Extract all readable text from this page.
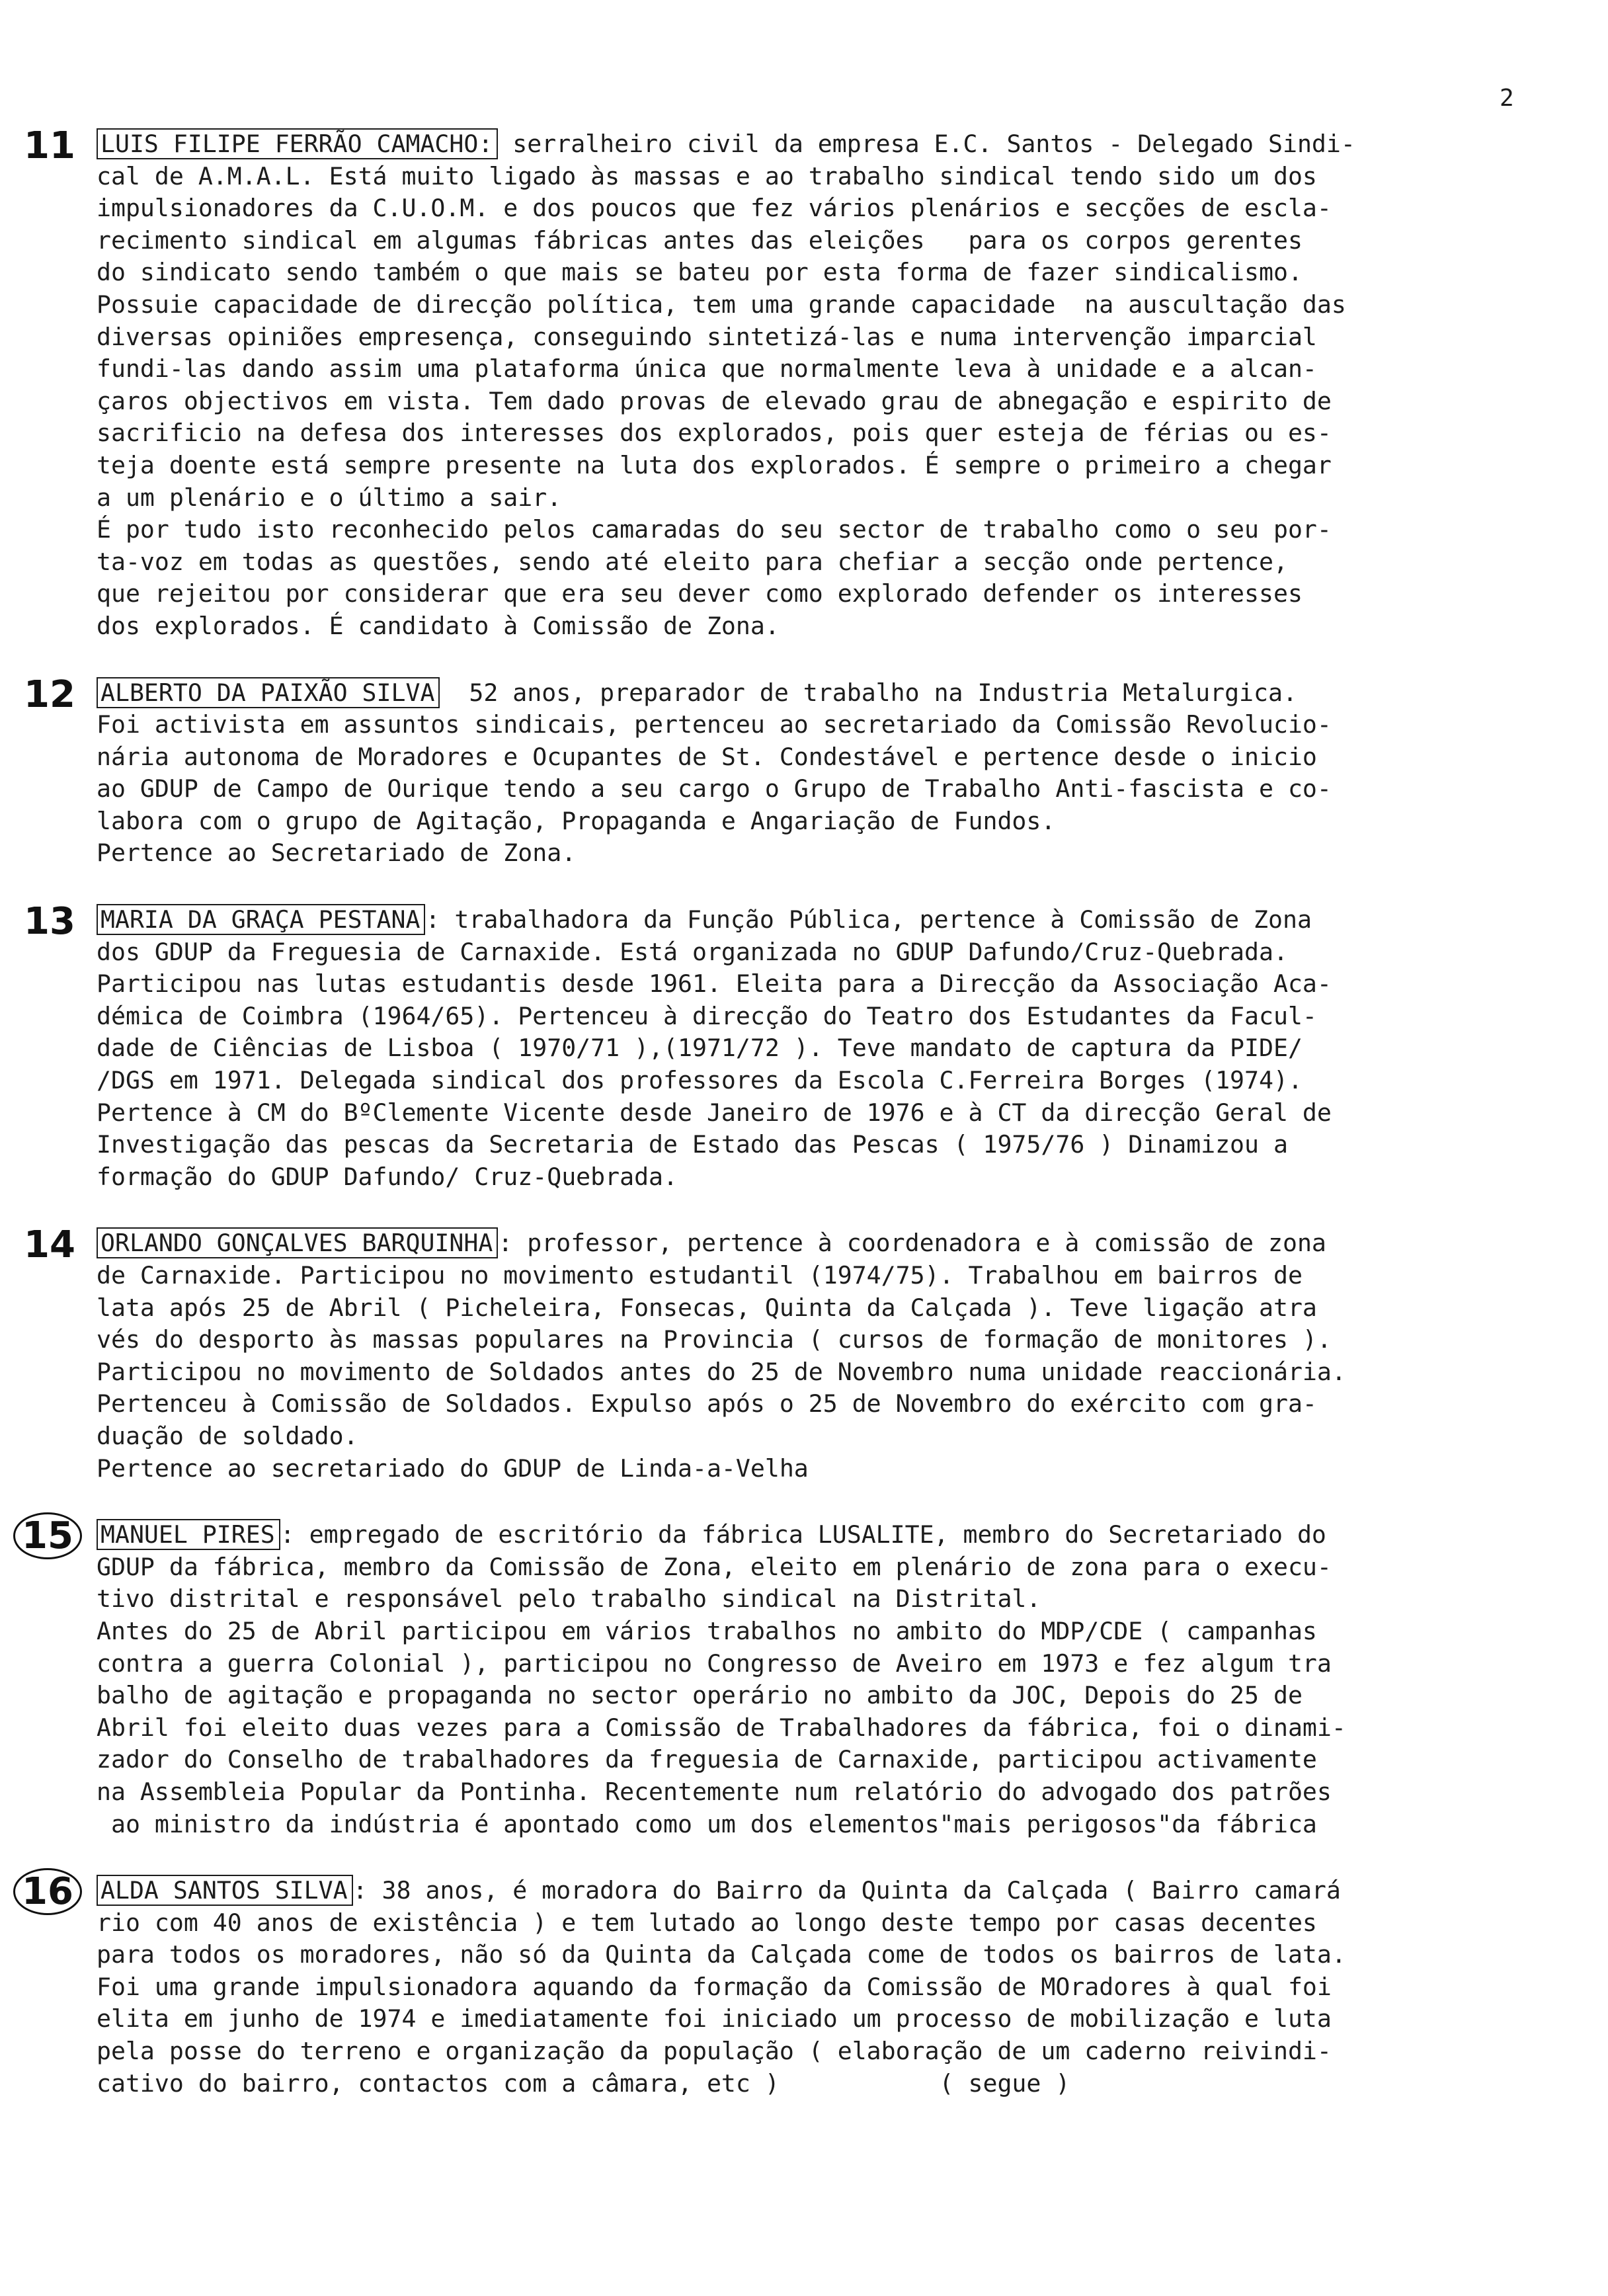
2
11 LUIS FILIPE FERRÃO CAMACHO: serralheiro civil da empresa E.C. Santos - Delegado Sindi-
cal de A.M.A.L. Está muito ligado às massas e ao trabalho sindical tendo sido um dos
impulsionadores da C.U.O.M. e dos poucos que fez vários plenários e secções de escla-
recimento sindical em algumas fábricas antes das eleições   para os corpos gerentes
do sindicato sendo também o que mais se bateu por esta forma de fazer sindicalismo.
Possuie capacidade de direcção política, tem uma grande capacidade  na auscultação das
diversas opiniões empresença, conseguindo sintetizá-las e numa intervenção imparcial
fundi-las dando assim uma plataforma única que normalmente leva à unidade e a alcan-
çaros objectivos em vista. Tem dado provas de elevado grau de abnegação e espirito de
sacrificio na defesa dos interesses dos explorados, pois quer esteja de férias ou es-
teja doente está sempre presente na luta dos explorados. É sempre o primeiro a chegar
a um plenário e o último a sair.
É por tudo isto reconhecido pelos camaradas do seu sector de trabalho como o seu por-
ta-voz em todas as questões, sendo até eleito para chefiar a secção onde pertence,
que rejeitou por considerar que era seu dever como explorado defender os interesses
dos explorados. É candidato à Comissão de Zona.

12 ALBERTO DA PAIXÃO SILVA  52 anos, preparador de trabalho na Industria Metalurgica.
Foi activista em assuntos sindicais, pertenceu ao secretariado da Comissão Revolucio-
nária autonoma de Moradores e Ocupantes de St. Condestável e pertence desde o inicio
ao GDUP de Campo de Ourique tendo a seu cargo o Grupo de Trabalho Anti-fascista e co-
labora com o grupo de Agitação, Propaganda e Angariação de Fundos.
Pertence ao Secretariado de Zona.

13 MARIA DA GRAÇA PESTANA : trabalhadora da Função Pública, pertence à Comissão de Zona
dos GDUP da Freguesia de Carnaxide. Está organizada no GDUP Dafundo/Cruz-Quebrada.
Participou nas lutas estudantis desde 1961. Eleita para a Direcção da Associação Aca-
démica de Coimbra (1964/65). Pertenceu à direcção do Teatro dos Estudantes da Facul-
dade de Ciências de Lisboa ( 1970/71 ),(1971/72 ). Teve mandato de captura da PIDE/
/DGS em 1971. Delegada sindical dos professores da Escola C.Ferreira Borges (1974).
Pertence à CM do BºClemente Vicente desde Janeiro de 1976 e à CT da direcção Geral de
Investigação das pescas da Secretaria de Estado das Pescas ( 1975/76 ) Dinamizou a
formação do GDUP Dafundo/ Cruz-Quebrada.

14 ORLANDO GONÇALVES BARQUINHA : professor, pertence à coordenadora e à comissão de zona
de Carnaxide. Participou no movimento estudantil (1974/75). Trabalhou em bairros de
lata após 25 de Abril ( Picheleira, Fonsecas, Quinta da Calçada ). Teve ligação atra
vés do desporto às massas populares na Provincia ( cursos de formação de monitores ).
Participou no movimento de Soldados antes do 25 de Novembro numa unidade reaccionária.
Pertenceu à Comissão de Soldados. Expulso após o 25 de Novembro do exército com gra-
duação de soldado.
Pertence ao secretariado do GDUP de Linda-a-Velha

15	MANUEL PIRES : empregado de escritório da fábrica LUSALITE, membro do Secretariado do
GDUP da fábrica, membro da Comissão de Zona, eleito em plenário de zona para o execu-
tivo distrital e responsável pelo trabalho sindical na Distrital.
Antes do 25 de Abril participou em vários trabalhos no ambito do MDP/CDE ( campanhas
contra a guerra Colonial ), participou no Congresso de Aveiro em 1973 e fez algum tra
balho de agitação e propaganda no sector operário no ambito da JOC, Depois do 25 de
Abril foi eleito duas vezes para a Comissão de Trabalhadores da fábrica, foi o dinami-
zador do Conselho de trabalhadores da freguesia de Carnaxide, participou activamente
na Assembleia Popular da Pontinha. Recentemente num relatório do advogado dos patrões
ao ministro da indústria é apontado como um dos elementos"mais perigosos"da fábrica

16	ALDA SANTOS SILVA : 38 anos, é moradora do Bairro da Quinta da Calçada ( Bairro camará
rio com 40 anos de existência ) e tem lutado ao longo deste tempo por casas decentes
para todos os moradores, não só da Quinta da Calçada come de todos os bairros de lata.
Foi uma grande impulsionadora aquando da formação da Comissão de MOradores à qual foi
elita em junho de 1974 e imediatamente foi iniciado um processo de mobilização e luta
pela posse do terreno e organização da população ( elaboração de um caderno reivindi-
cativo do bairro, contactos com a câmara, etc )           ( segue )
